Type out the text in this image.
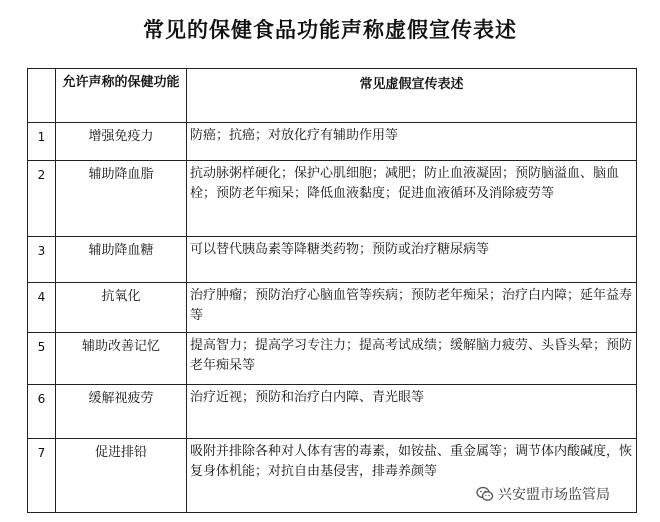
常见的保健食品功能声称虚假宣传表述
	允许声称的保健功能	常见虚假宣传表述
1	增强免疫力	防癌；抗癌；对放化疗有辅助作用等
2	辅助降血脂	抗动脉粥样硬化；保护心肌细胞；减肥；防止血液凝固；预防脑溢血、脑血栓；预防老年痴呆；降低血液黏度；促进血液循环及消除疲劳等
3	辅助降血糖	可以替代胰岛素等降糖类药物；预防或治疗糖尿病等
4	抗氧化	治疗肿瘤；预防治疗心脑血管等疾病；预防老年痴呆；治疗白内障；延年益寿等
5	辅助改善记忆	提高智力；提高学习专注力；提高考试成绩；缓解脑力疲劳、头昏头晕；预防老年痴呆等
6	缓解视疲劳	治疗近视；预防和治疗白内障、青光眼等
7	促进排铅	吸附并排除各种对人体有害的毒素，如铵盐、重金属等；调节体内酸碱度，恢复身体机能；对抗自由基侵害，排毒养颜等
兴安盟市场监管局
